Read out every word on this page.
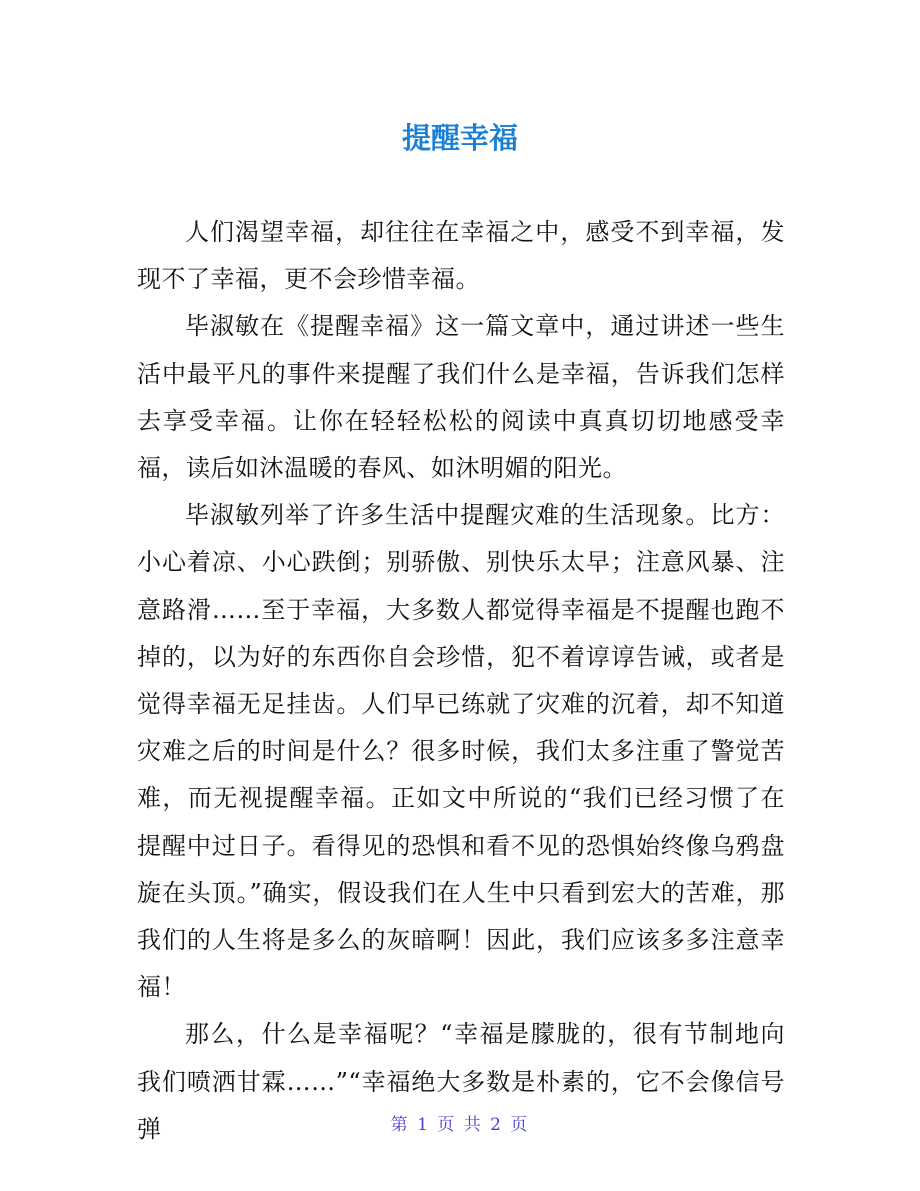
提醒幸福

人们渴望幸福，却往往在幸福之中，感受不到幸福，发现不了幸福，更不会珍惜幸福。

毕淑敏在《提醒幸福》这一篇文章中，通过讲述一些生活中最平凡的事件来提醒了我们什么是幸福，告诉我们怎样去享受幸福。让你在轻轻松松的阅读中真真切切地感受幸福，读后如沐温暖的春风、如沐明媚的阳光。

毕淑敏列举了许多生活中提醒灾难的生活现象。比方：小心着凉、小心跌倒；别骄傲、别快乐太早；注意风暴、注意路滑……至于幸福，大多数人都觉得幸福是不提醒也跑不掉的，以为好的东西你自会珍惜，犯不着谆谆告诫，或者是觉得幸福无足挂齿。人们早已练就了灾难的沉着，却不知道灾难之后的时间是什么？很多时候，我们太多注重了警觉苦难，而无视提醒幸福。正如文中所说的“我们已经习惯了在提醒中过日子。看得见的恐惧和看不见的恐惧始终像乌鸦盘旋在头顶。”确实，假设我们在人生中只看到宏大的苦难，那我们的人生将是多么的灰暗啊！因此，我们应该多多注意幸福！

那么，什么是幸福呢？“幸福是朦胧的，很有节制地向我们喷洒甘霖……”“幸福绝大多数是朴素的，它不会像信号弹	第 1 页 共 2 页
